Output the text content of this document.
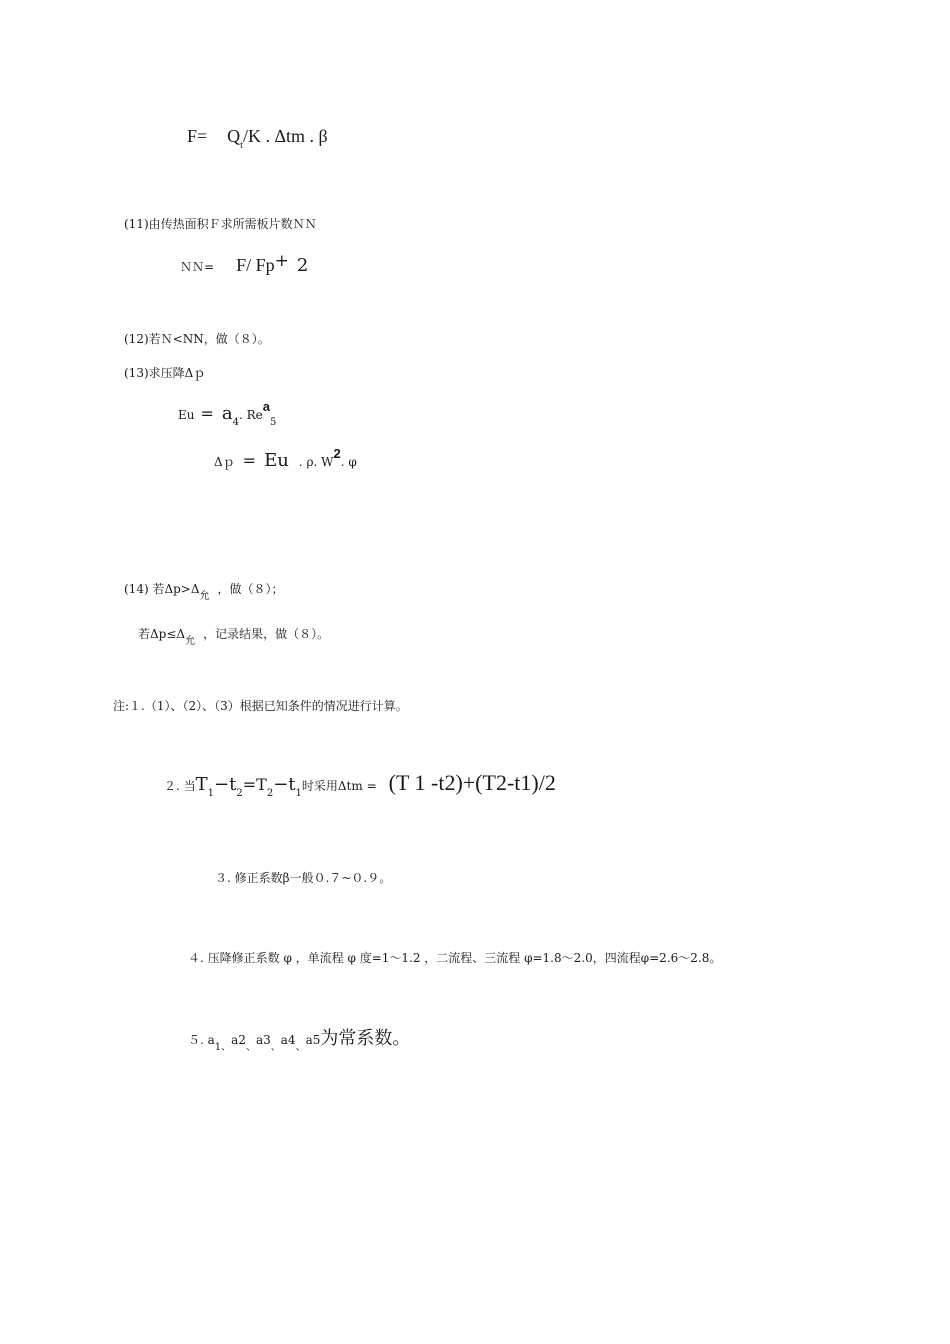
$F= Q_t/K$ . Δtm . β
(11)由传热面积Ｆ求所需板片数ＮＮ
ＮＮ= F/ Fp+ 2
(12)若Ｎ<NN，做（８）。
(13)求压降Δｐ
$Eu = a_4$. $Re^a_5$
Δｐ = Eu . ρ. $W^2$. φ
(14) 若$\Delta p>\Delta_允$，做（８）；
若$\Delta p\le\Delta_允$，记录结果，做（８）。
注:１.（1）、（2）、（3）根据已知条件的情况进行计算。
２. 当$T_1-t_2=T_2-t_1$时采用Δtm = (T 1 -t2)+(T2-t1)/2
３. 修正系数β一般０.７~０.９。
４. 压降修正系数 φ ，单流程 φ 度=1～1.2 ，二流程、三流程 φ=1.8～2.0，四流程φ=2.6～2.8。
５. $a_{1、}a2_、a3_、a4_、a5$为常系数。
